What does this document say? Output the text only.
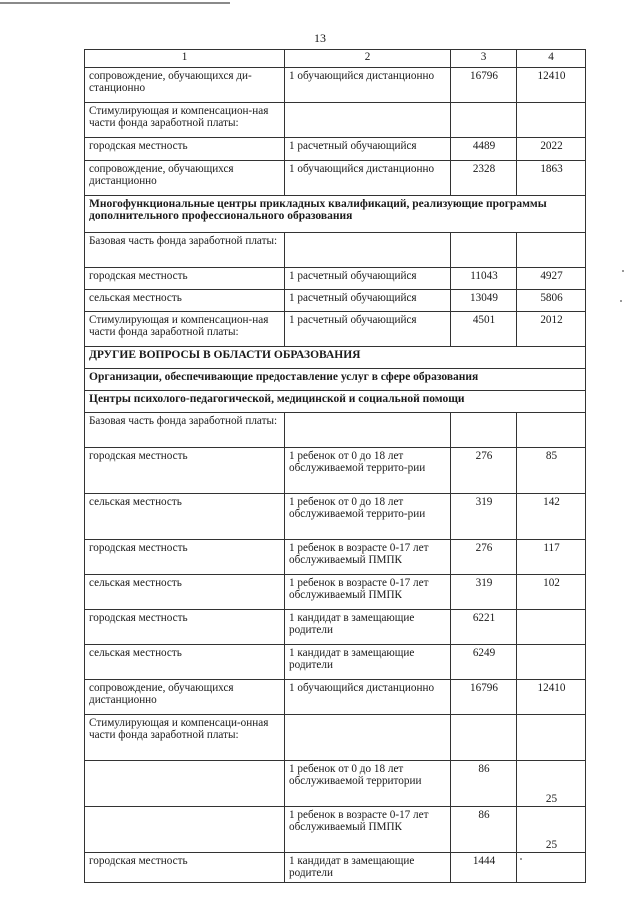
13
1	2	3	4
сопровождение, обучающихся ди-станционно	1 обучающийся дистанционно	16796	12410
Стимулирующая и компенсацион-ная части фонда заработной платы:			
городская местность	1 расчетный обучающийся	4489	2022
сопровождение, обучающихся дистанционно	1 обучающийся дистанционно	2328	1863
Многофункциональные центры прикладных квалификаций, реализующие программы дополнительного профессионального образования			
Базовая часть фонда заработной платы:			
городская местность	1 расчетный обучающийся	11043	4927
сельская местность	1 расчетный обучающийся	13049	5806
Стимулирующая и компенсацион-ная части фонда заработной платы:	1 расчетный обучающийся	4501	2012
ДРУГИЕ ВОПРОСЫ В ОБЛАСТИ ОБРАЗОВАНИЯ			
Организации, обеспечивающие предоставление услуг в сфере образования			
Центры психолого-педагогической, медицинской и социальной помощи			
Базовая часть фонда заработной платы:			
городская местность	1 ребенок от 0 до 18 лет обслуживаемой террито-рии	276	85
сельская местность	1 ребенок от 0 до 18 лет обслуживаемой террито-рии	319	142
городская местность	1 ребенок в возрасте 0-17 лет обслуживаемый ПМПК	276	117
сельская местность	1 ребенок в возрасте 0-17 лет обслуживаемый ПМПК	319	102
городская местность	1 кандидат в замещающие родители	6221	
сельская местность	1 кандидат в замещающие родители	6249	
сопровождение, обучающихся дистанционно	1 обучающийся дистанционно	16796	12410
Стимулирующая и компенсаци-онная части фонда заработной платы:			
	1 ребенок от 0 до 18 лет обслуживаемой территории	86	25
	1 ребенок в возрасте 0-17 лет обслуживаемый ПМПК	86	25
городская местность	1 кандидат в замещающие родители	1444	
